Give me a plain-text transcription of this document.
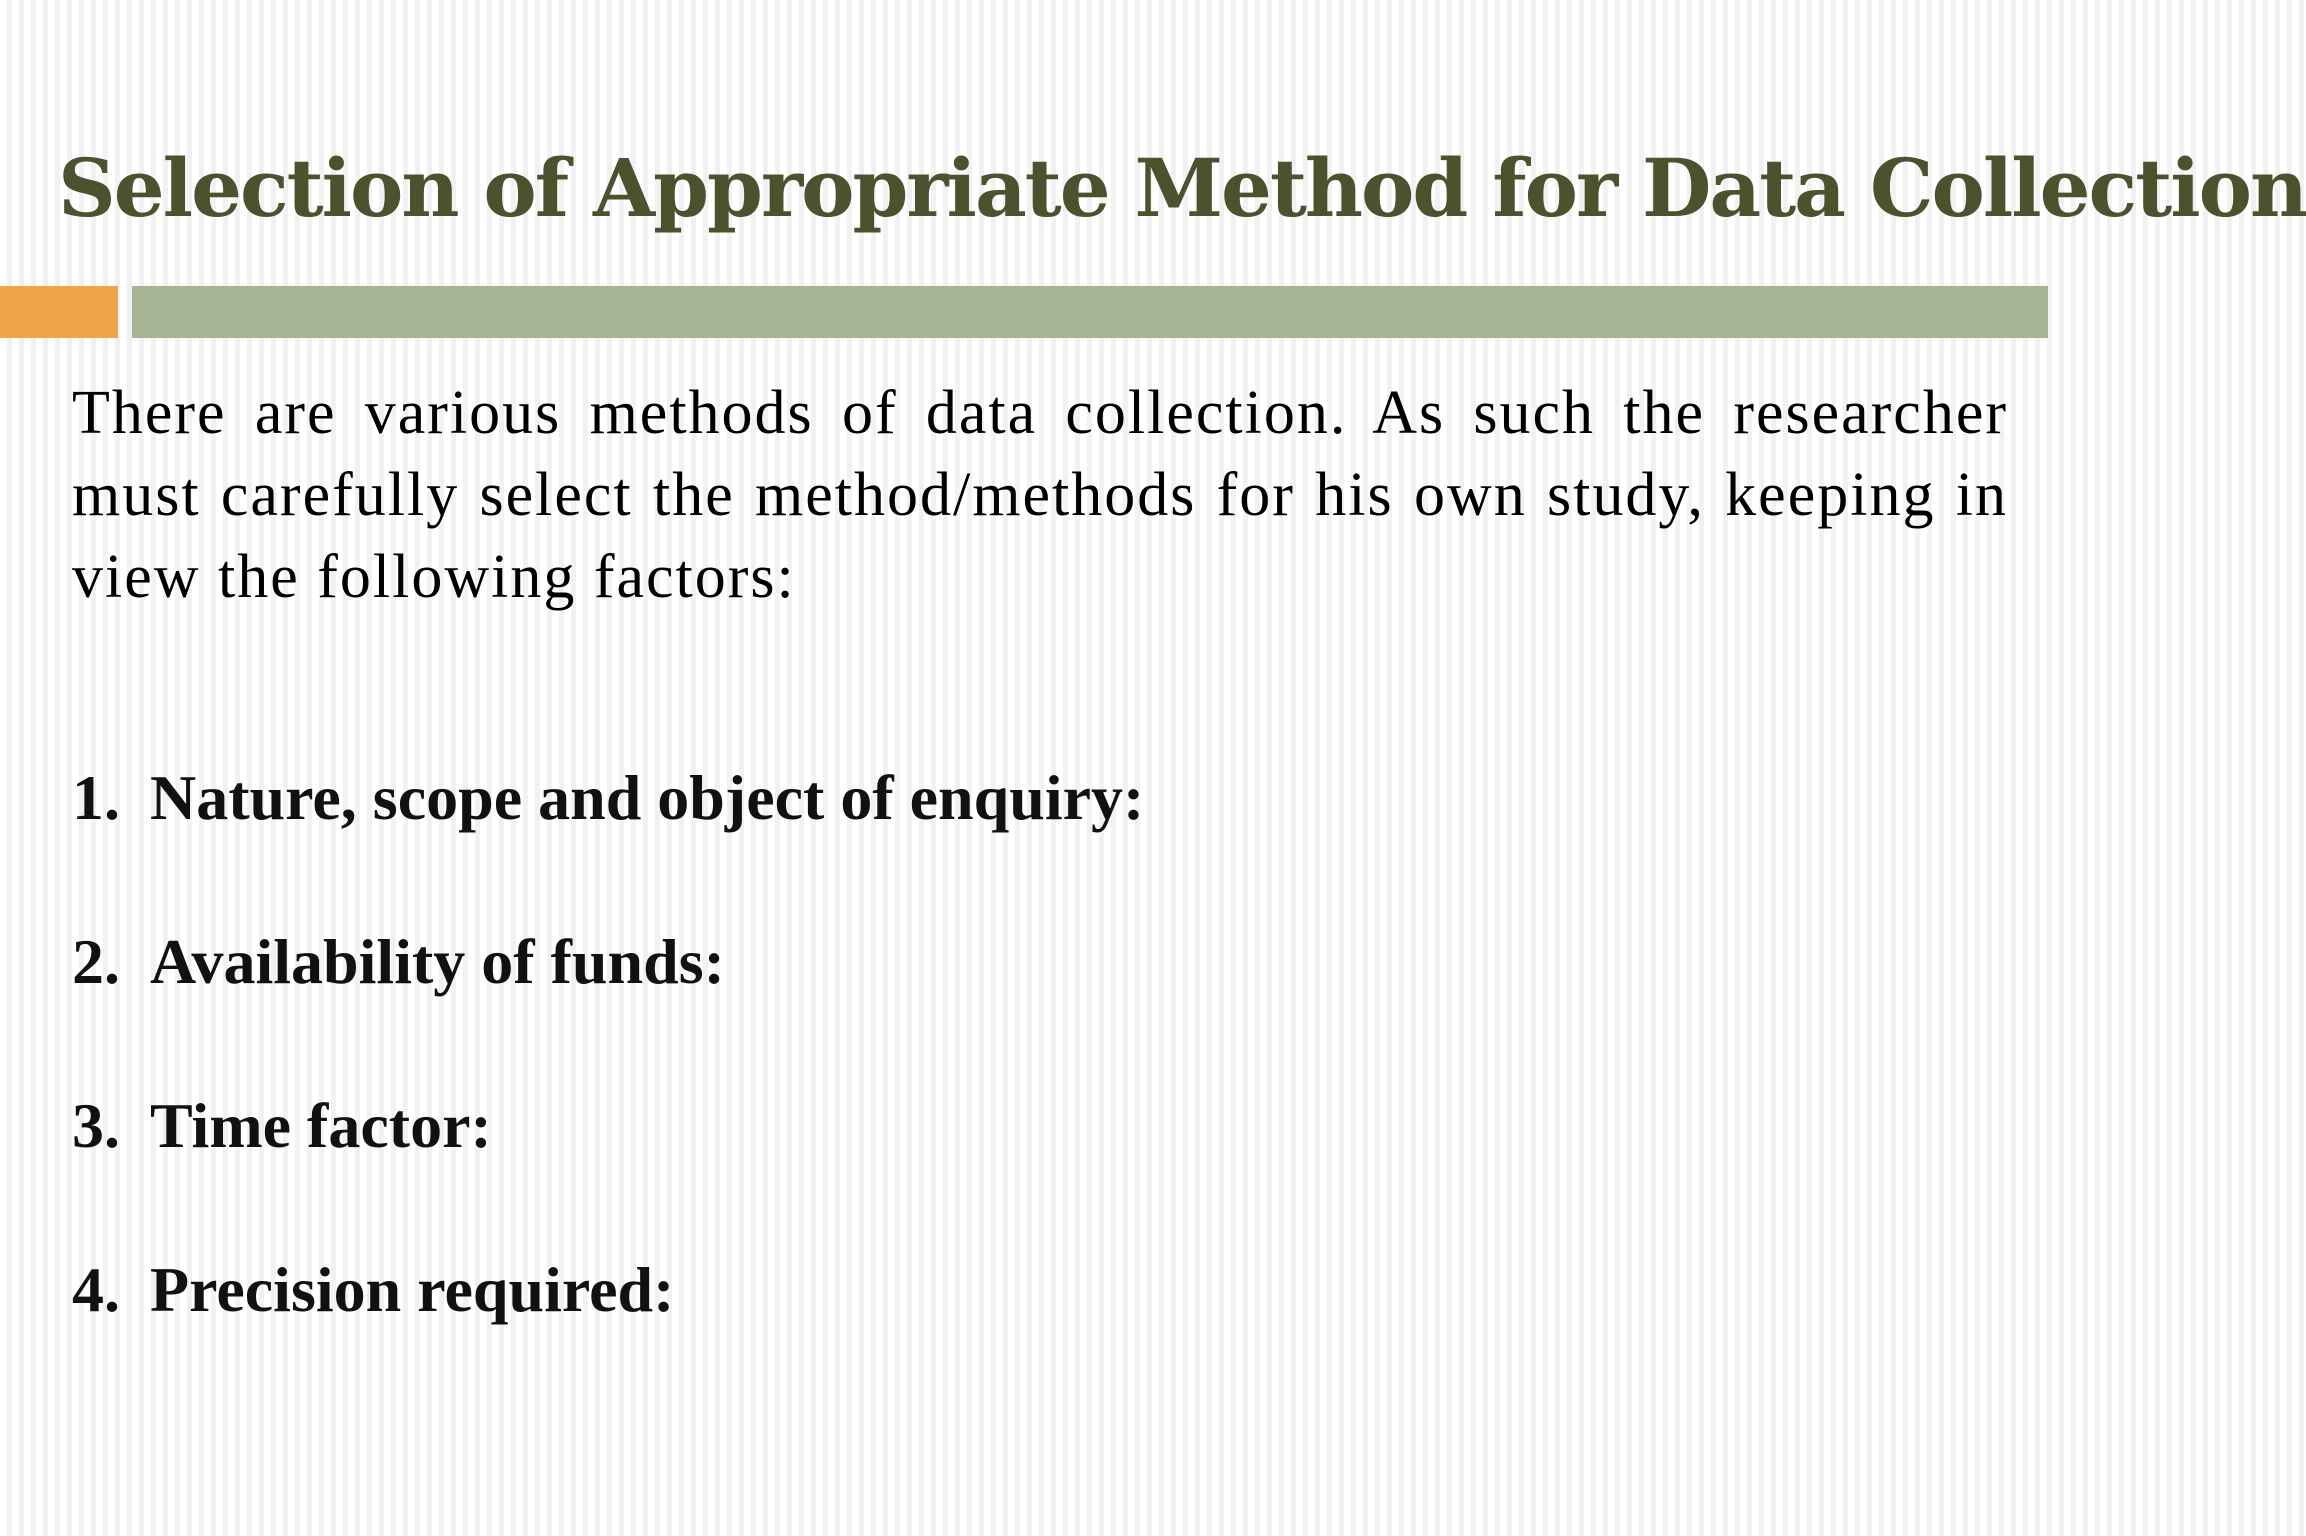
Selection of Appropriate Method for Data Collection

There are various methods of data collection. As such the researcher must carefully select the method/methods for his own study, keeping in view the following factors:

1. Nature, scope and object of enquiry:
2. Availability of funds:
3. Time factor:
4. Precision required:
